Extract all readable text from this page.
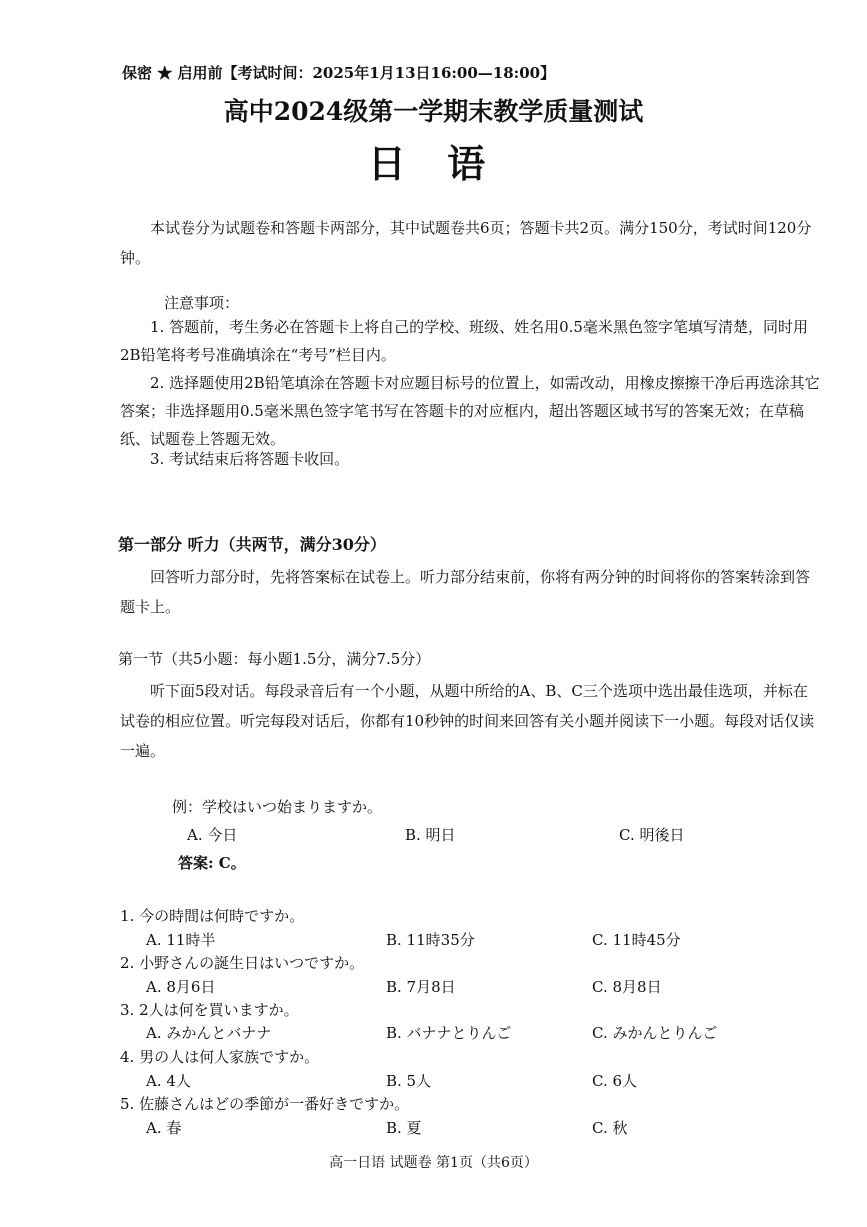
保密 ★ 启用前【考试时间：2025年1月13日16:00—18:00】
高中2024级第一学期末教学质量测试
日 语
本试卷分为试题卷和答题卡两部分，其中试题卷共6页；答题卡共2页。满分150分，考试时间120分钟。
注意事项：
1. 答题前，考生务必在答题卡上将自己的学校、班级、姓名用0.5毫米黑色签字笔填写清楚，同时用2B铅笔将考号准确填涂在“考号”栏目内。
2. 选择题使用2B铅笔填涂在答题卡对应题目标号的位置上，如需改动，用橡皮擦擦干净后再选涂其它答案；非选择题用0.5毫米黑色签字笔书写在答题卡的对应框内，超出答题区域书写的答案无效；在草稿纸、试题卷上答题无效。
3. 考试结束后将答题卡收回。
第一部分 听力（共两节，满分30分）
回答听力部分时，先将答案标在试卷上。听力部分结束前，你将有两分钟的时间将你的答案转涂到答题卡上。
第一节（共5小题：每小题1.5分，满分7.5分）
听下面5段对话。每段录音后有一个小题，从题中所给的A、B、C三个选项中选出最佳选项，并标在试卷的相应位置。听完每段对话后，你都有10秒钟的时间来回答有关小题并阅读下一小题。每段对话仅读一遍。
例：学校はいつ始まりますか。
A. 今日	B. 明日	C. 明後日
答案: C。
1. 今の時間は何時ですか。
A. 11時半	B. 11時35分	C. 11時45分
2. 小野さんの誕生日はいつですか。
A. 8月6日	B. 7月8日	C. 8月8日
3. 2人は何を買いますか。
A. みかんとバナナ	B. バナナとりんご	C. みかんとりんご
4. 男の人は何人家族ですか。
A. 4人	B. 5人	C. 6人
5. 佐藤さんはどの季節が一番好きですか。
A. 春	B. 夏	C. 秋
高一日语 试题卷 第1页（共6页）
